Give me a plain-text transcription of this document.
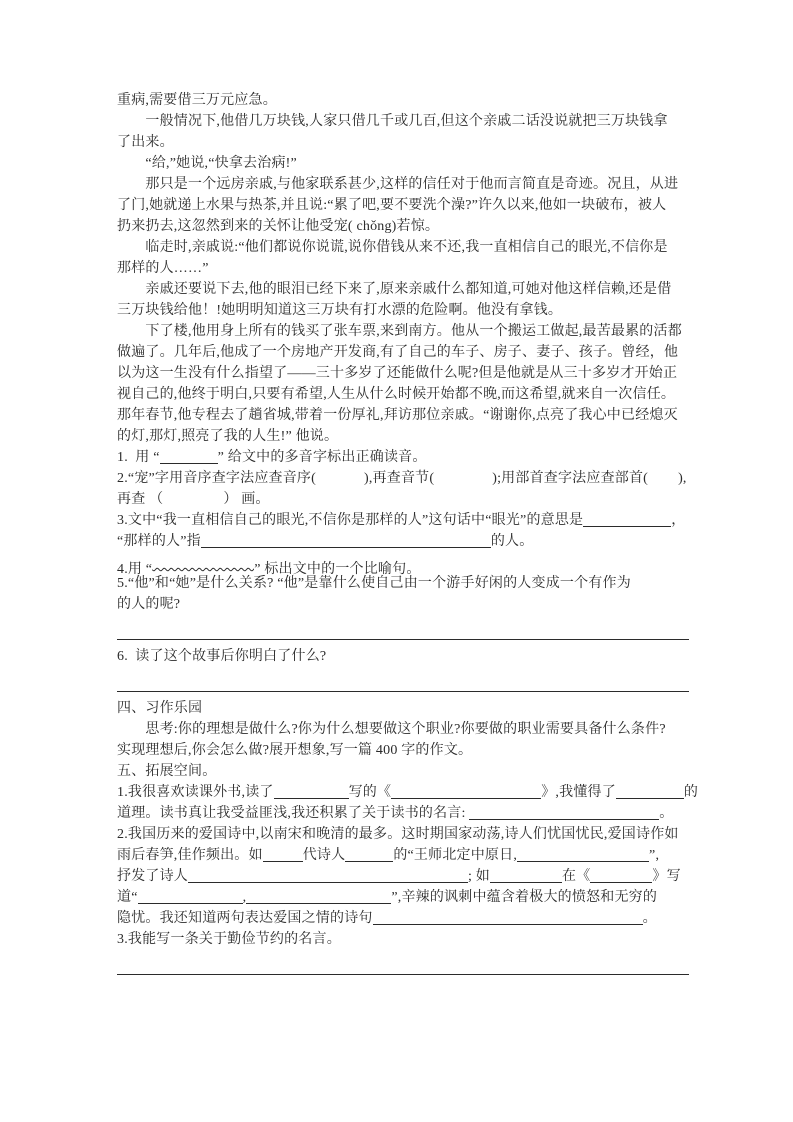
重病,需要借三万元应急。
　　一般情况下,他借几万块钱,人家只借几千或几百,但这个亲戚二话没说就把三万块钱拿
了出来。
　　“给,”她说,“快拿去治病!”
　　那只是一个远房亲戚,与他家联系甚少,这样的信任对于他而言简直是奇迹。况且，从进
了门,她就递上水果与热茶,并且说:“累了吧,要不要洗个澡?”许久以来,他如一块破布，被人
扔来扔去,这忽然到来的关怀让他受宠( chǒng)若惊。
　　临走时,亲戚说:“他们都说你说谎,说你借钱从来不还,我一直相信自己的眼光,不信你是
那样的人……”
　　亲戚还要说下去,他的眼泪已经下来了,原来亲戚什么都知道,可她对他这样信赖,还是借
三万块钱给他！!她明明知道这三万块有打水漂的危险啊。他没有拿钱。
　　下了楼,他用身上所有的钱买了张车票,来到南方。他从一个搬运工做起,最苦最累的活都
做遍了。几年后,他成了一个房地产开发商,有了自己的车子、房子、妻子、孩子。曾经，他
以为这一生没有什么指望了——三十多岁了还能做什么呢?但是他就是从三十多岁才开始正
视自己的,他终于明白,只要有希望,人生从什么时候开始都不晚,而这希望,就来自一次信任。
那年春节,他专程去了趟省城,带着一份厚礼,拜访那位亲戚。“谢谢你,点亮了我心中已经熄灭
的灯,那灯,照亮了我的人生!” 他说。
1.  用 “	” 给文中的多音字标出正确读音。
2.“宠”字用音序查字法应查音序(	),再查音节(	);用部首查字法应查部首( ),
再查 （	） 画。
3.文中“我一直相信自己的眼光,不信你是那样的人”这句话中“眼光”的意思是	，
“那样的人”指	的人。
4.用 “	” 标出文中的一个比喻句。
5.“他”和“她”是什么关系? “他”是靠什么使自己由一个游手好闲的人变成一个有作为
的人的呢?
6.  读了这个故事后你明白了什么?
四、习作乐园
　　思考:你的理想是做什么?你为什么想要做这个职业?你要做的职业需要具备什么条件?
实现理想后,你会怎么做?展开想象,写一篇 400 字的作文。
五、拓展空间。
1.我很喜欢读课外书,读了	写的《	》,我懂得了	的
道理。读书真让我受益匪浅,我还积累了关于读书的名言:	。
2.我国历来的爱国诗中,以南宋和晚清的最多。这时期国家动荡,诗人们忧国忧民,爱国诗作如
雨后春笋,佳作频出。如	代诗人	的“王师北定中原日,	”,
抒发了诗人	; 如	在《	》写
道“	,	”,辛辣的讽刺中蕴含着极大的愤怒和无穷的
隐忧。我还知道两句表达爱国之情的诗句	。
3.我能写一条关于勤俭节约的名言。
